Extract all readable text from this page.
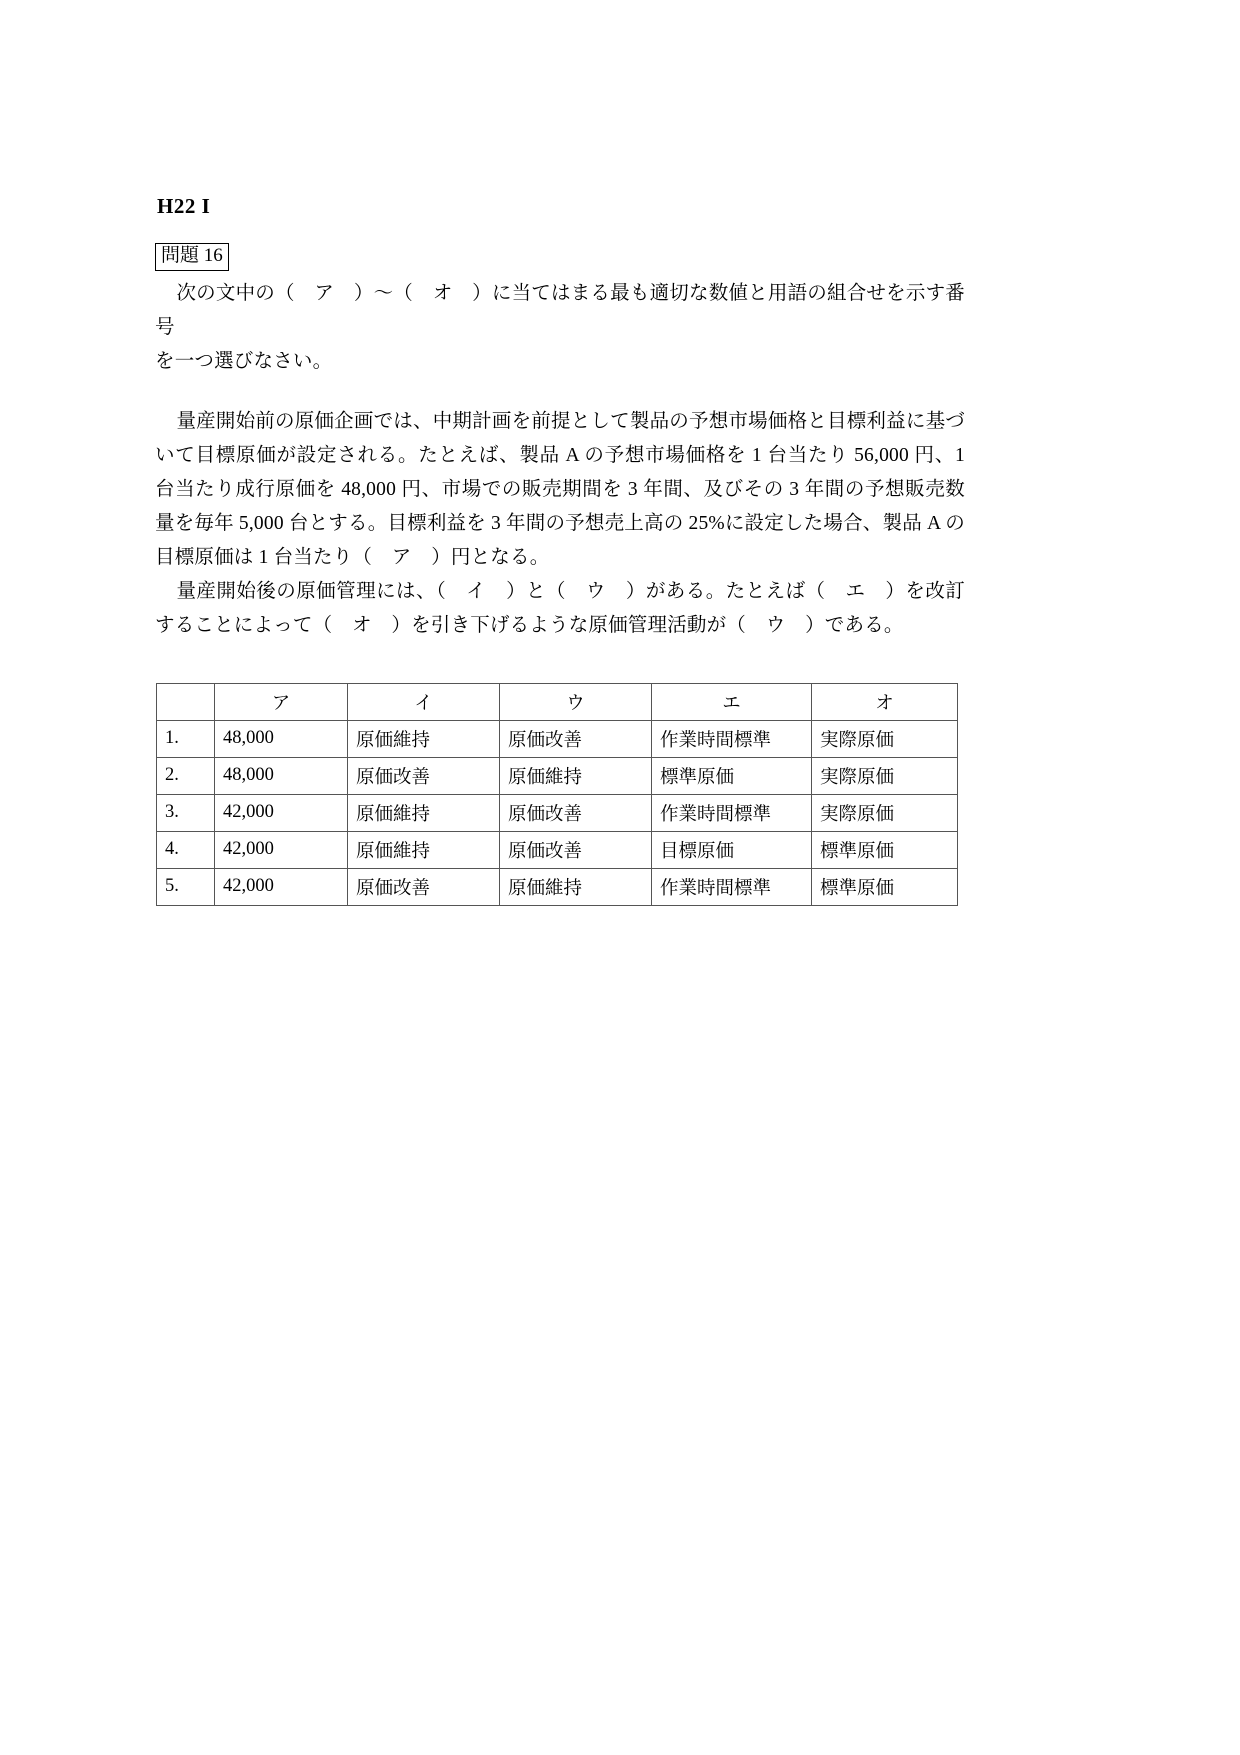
H22 I
問題 16

次の文中の（　ア　）～（　オ　）に当てはまる最も適切な数値と用語の組合せを示す番号

を一つ選びなさい。

量産開始前の原価企画では、中期計画を前提として製品の予想市場価格と目標利益に基づいて目標原価が設定される。たとえば、製品 A の予想市場価格を 1 台当たり 56,000 円、1 台当たり成行原価を 48,000 円、市場での販売期間を 3 年間、及びその 3 年間の予想販売数量を毎年 5,000 台とする。目標利益を 3 年間の予想売上高の 25%に設定した場合、製品 A の目標原価は 1 台当たり（　ア　）円となる。

量産開始後の原価管理には、（　イ　）と（　ウ　）がある。たとえば（　エ　）を改訂することによって（　オ　）を引き下げるような原価管理活動が（　ウ　）である。

	ア	イ	ウ	エ	オ
1.	48,000	原価維持	原価改善	作業時間標準	実際原価
2.	48,000	原価改善	原価維持	標準原価	実際原価
3.	42,000	原価維持	原価改善	作業時間標準	実際原価
4.	42,000	原価維持	原価改善	目標原価	標準原価
5.	42,000	原価改善	原価維持	作業時間標準	標準原価
